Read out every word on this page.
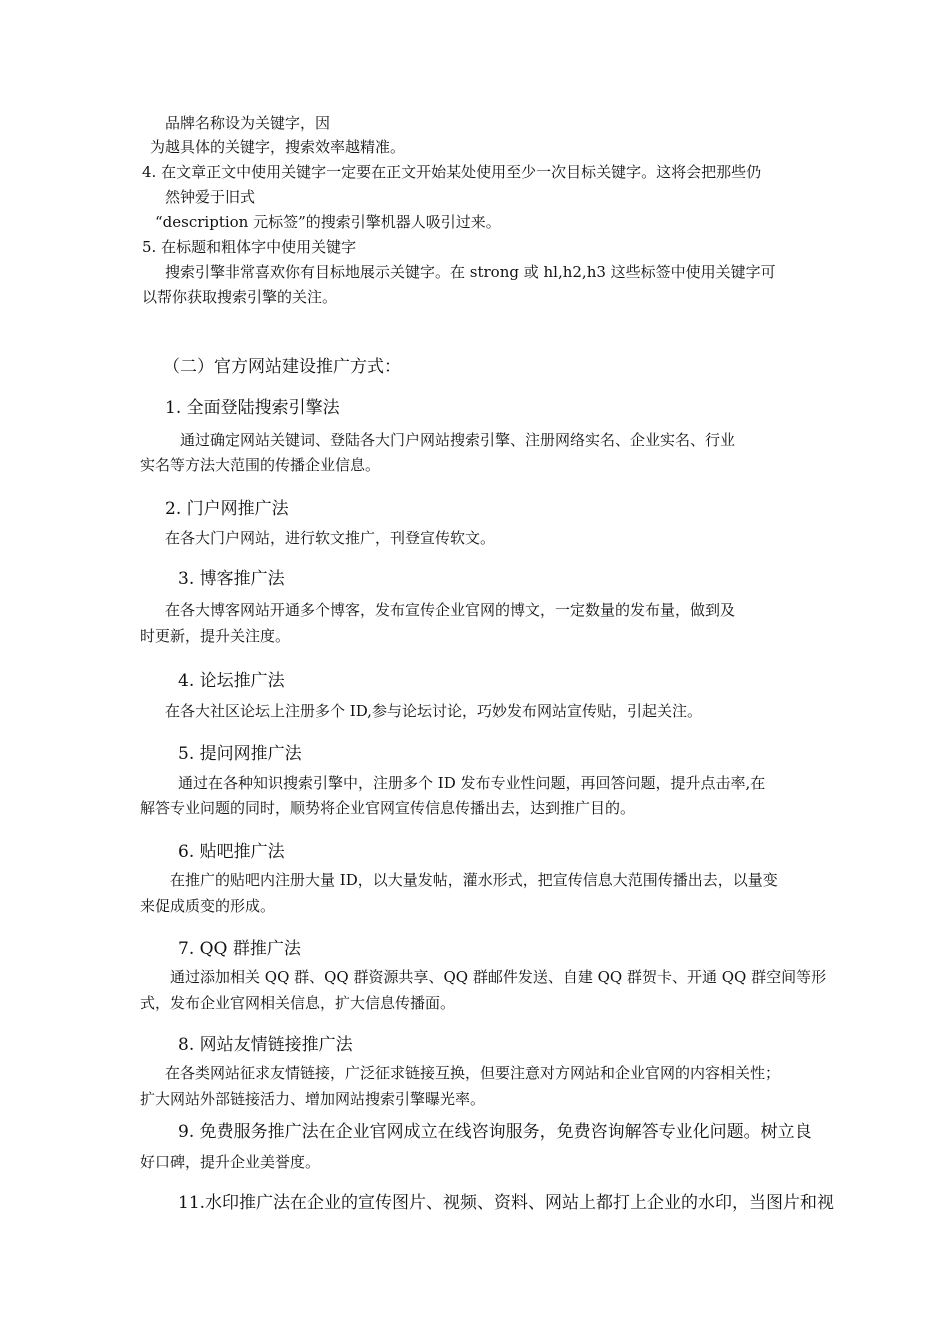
品牌名称设为关键字，因
为越具体的关键字，搜索效率越精准。
4. 在文章正文中使用关键字一定要在正文开始某处使用至少一次目标关键字。这将会把那些仍
然钟爱于旧式
“description 元标签”的搜索引擎机器人吸引过来。
5. 在标题和粗体字中使用关键字
搜索引擎非常喜欢你有目标地展示关键字。在 strong 或 hl,h2,h3 这些标签中使用关键字可
以帮你获取搜索引擎的关注。
（二）官方网站建设推广方式：
1. 全面登陆搜索引擎法
通过确定网站关键词、登陆各大门户网站搜索引擎、注册网络实名、企业实名、行业
实名等方法大范围的传播企业信息。
2. 门户网推广法
在各大门户网站，进行软文推广，刊登宣传软文。
3. 博客推广法
在各大博客网站开通多个博客，发布宣传企业官网的博文，一定数量的发布量，做到及
时更新，提升关注度。
4. 论坛推广法
在各大社区论坛上注册多个 ID,参与论坛讨论，巧妙发布网站宣传贴，引起关注。
5. 提问网推广法
通过在各种知识搜索引擎中，注册多个 ID 发布专业性问题，再回答问题，提升点击率,在
解答专业问题的同时，顺势将企业官网宣传信息传播出去，达到推广目的。
6. 贴吧推广法
在推广的贴吧内注册大量 ID，以大量发帖，灌水形式，把宣传信息大范围传播出去，以量变
来促成质变的形成。
7. QQ 群推广法
通过添加相关 QQ 群、QQ 群资源共享、QQ 群邮件发送、自建 QQ 群贺卡、开通 QQ 群空间等形
式，发布企业官网相关信息，扩大信息传播面。
8. 网站友情链接推广法
在各类网站征求友情链接，广泛征求链接互换，但要注意对方网站和企业官网的内容相关性；
扩大网站外部链接活力、增加网站搜索引擎曝光率。
9. 免费服务推广法在企业官网成立在线咨询服务，免费咨询解答专业化问题。树立良
好口碑，提升企业美誉度。
11.水印推广法在企业的宣传图片、视频、资料、网站上都打上企业的水印，当图片和视
